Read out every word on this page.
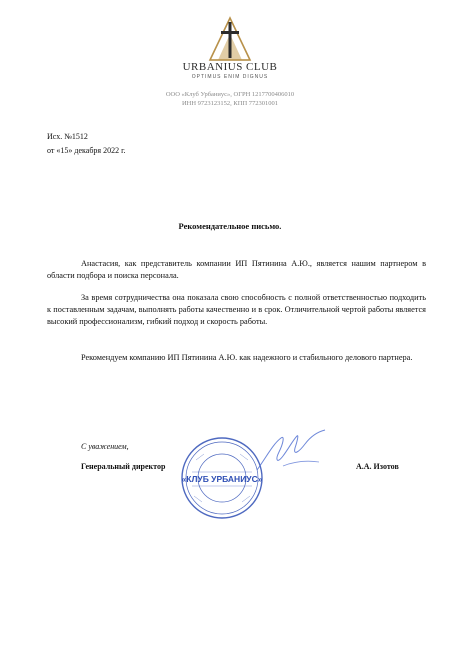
URBANIUS CLUB
OPTIMUS ENIM DIGNUS
ООО «Клуб Урбаниус», ОГРН 1217700406010
ИНН 9723123152, КПП 772301001
Исх. №1512
от «15» декабря 2022 г.
Рекомендательное письмо.
Анастасия, как представитель компании ИП Пятинина А.Ю., является нашим партнером в области подбора и поиска персонала.
За время сотрудничества она показала свою способность с полной ответственностью подходить к поставленным задачам, выполнять работы качественно и в срок. Отличительной чертой работы является высокий профессионализм, гибкий подход и скорость работы.
Рекомендуем компанию ИП Пятинина А.Ю. как надежного и стабильного делового партнера.
С уважением,
Генеральный директор	А.А. Изотов
«КЛУБ УРБАНИУС»
